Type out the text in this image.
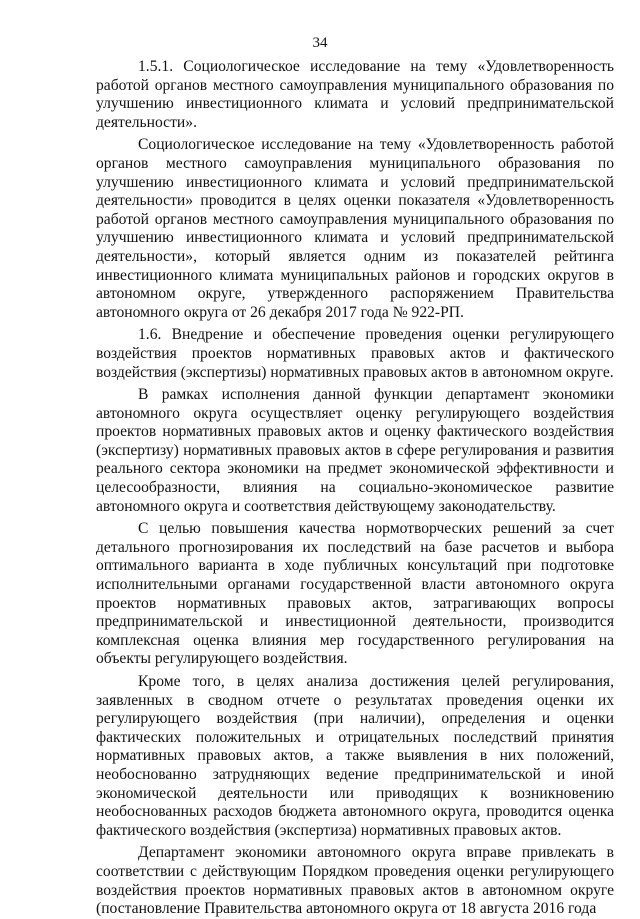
34

1.5.1. Социологическое исследование на тему «Удовлетворенность работой органов местного самоуправления муниципального образования по улучшению инвестиционного климата и условий предпринимательской деятельности».

Социологическое исследование на тему «Удовлетворенность работой органов местного самоуправления муниципального образования по улучшению инвестиционного климата и условий предпринимательской деятельности» проводится в целях оценки показателя «Удовлетворенность работой органов местного самоуправления муниципального образования по улучшению инвестиционного климата и условий предпринимательской деятельности», который является одним из показателей рейтинга инвестиционного климата муниципальных районов и городских округов в автономном округе, утвержденного распоряжением Правительства автономного округа от 26 декабря 2017 года № 922-РП.

1.6. Внедрение и обеспечение проведения оценки регулирующего воздействия проектов нормативных правовых актов и фактического воздействия (экспертизы) нормативных правовых актов в автономном округе.

В рамках исполнения данной функции департамент экономики автономного округа осуществляет оценку регулирующего воздействия проектов нормативных правовых актов и оценку фактического воздействия (экспертизу) нормативных правовых актов в сфере регулирования и развития реального сектора экономики на предмет экономической эффективности и целесообразности, влияния на социально-экономическое развитие автономного округа и соответствия действующему законодательству.

С целью повышения качества нормотворческих решений за счет детального прогнозирования их последствий на базе расчетов и выбора оптимального варианта в ходе публичных консультаций при подготовке исполнительными органами государственной власти автономного округа проектов нормативных правовых актов, затрагивающих вопросы предпринимательской и инвестиционной деятельности, производится комплексная оценка влияния мер государственного регулирования на объекты регулирующего воздействия.

Кроме того, в целях анализа достижения целей регулирования, заявленных в сводном отчете о результатах проведения оценки их регулирующего воздействия (при наличии), определения и оценки фактических положительных и отрицательных последствий принятия нормативных правовых актов, а также выявления в них положений, необоснованно затрудняющих ведение предпринимательской и иной экономической деятельности или приводящих к возникновению необоснованных расходов бюджета автономного округа, проводится оценка фактического воздействия (экспертиза) нормативных правовых актов.

Департамент экономики автономного округа вправе привлекать в соответствии с действующим Порядком проведения оценки регулирующего воздействия проектов нормативных правовых актов в автономном округе (постановление Правительства автономного округа от 18 августа 2016 года
